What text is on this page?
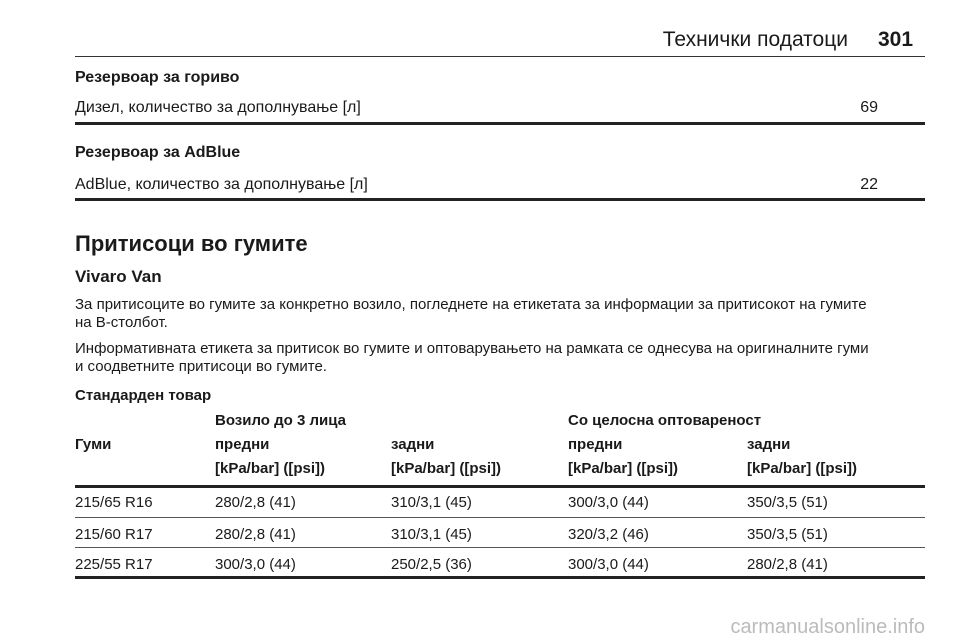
Технички податоци 301
Резервоар за гориво
Дизел, количество за дополнување [л]	69
Резервоар за AdBlue
AdBlue, количество за дополнување [л]	22
Притисоци во гумите
Vivaro Van
За притисоците во гумите за конкретно возило, погледнете на етикетата за информации за притисокот на гумите
на B-столбот.
Информативната етикета за притисок во гумите и оптоварувањето на рамката се однесува на оригиналните гуми
и соодветните притисоци во гумите.
Стандарден товар
Возило до 3 лица	Со целосна оптовареност
Гуми	предни	задни	предни	задни
[kPa/bar] ([psi])	[kPa/bar] ([psi])	[kPa/bar] ([psi])	[kPa/bar] ([psi])
215/65 R16	280/2,8 (41)	310/3,1 (45)	300/3,0 (44)	350/3,5 (51)
215/60 R17	280/2,8 (41)	310/3,1 (45)	320/3,2 (46)	350/3,5 (51)
225/55 R17	300/3,0 (44)	250/2,5 (36)	300/3,0 (44)	280/2,8 (41)
carmanualsonline.info
